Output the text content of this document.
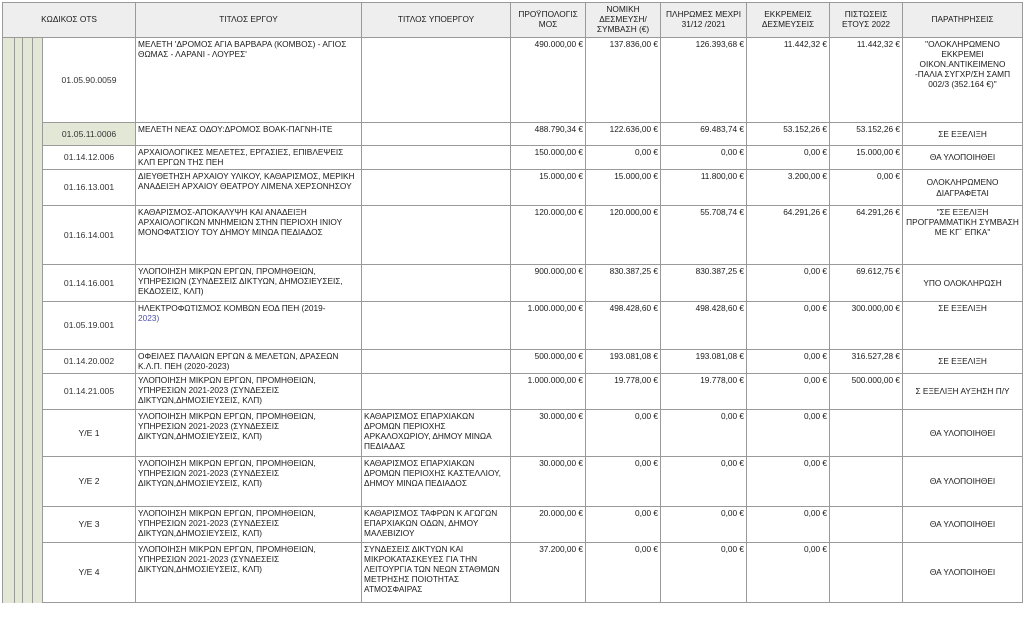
ΚΩΔΙΚΟΣ OTS					ΤΙΤΛΟΣ ΕΡΓΟΥ	ΤΙΤΛΟΣ ΥΠΟΕΡΓΟΥ	ΠΡΟΫΠΟΛΟΓΙΣ ΜΟΣ	ΝΟΜΙΚΗ ΔΕΣΜΕΥΣΗ/ ΣΥΜΒΑΣΗ (€)	ΠΛΗΡΩΜΕΣ ΜΕΧΡΙ 31/12 /2021	ΕΚΚΡΕΜΕΙΣ ΔΕΣΜΕΥΣΕΙΣ	ΠΙΣΤΩΣΕΙΣ ΕΤΟΥΣ 2022	ΠΑΡΑΤΗΡΗΣΕΙΣ
				01.05.90.0059	ΜΕΛΕΤΗ 'ΔΡΟΜΟΣ ΑΓΙΑ ΒΑΡΒΑΡΑ (ΚΟΜΒΟΣ) - ΑΓΙΟΣ ΘΩΜΑΣ - ΛΑΡΑΝΙ - ΛΟΥΡΕΣ'		490.000,00 €	137.836,00 €	126.393,68 €	11.442,32 €	11.442,32 €	"ΟΛΟΚΛΗΡΩΜΕΝΟ ΕΚΚΡΕΜΕΙ ΟΙΚΟΝ.ΑΝΤΙΚΕΙΜΕΝΟ -ΠΑΛΙΑ ΣΥΓΧΡ/ΣΗ ΣΑΜΠ 002/3 (352.164 €)"
				01.05.11.0006	ΜΕΛΕΤΗ ΝΕΑΣ ΟΔΟΥ:ΔΡΟΜΟΣ ΒΟΑΚ-ΠΑΓΝΗ-ΙΤΕ		488.790,34 €	122.636,00 €	69.483,74 €	53.152,26 €	53.152,26 €	ΣΕ ΕΞΕΛΙΞΗ
				01.14.12.006	ΑΡΧΑΙΟΛΟΓΙΚΕΣ ΜΕΛΕΤΕΣ, ΕΡΓΑΣΙΕΣ, ΕΠΙΒΛΕΨΕΙΣ ΚΛΠ ΕΡΓΩΝ ΤΗΣ ΠΕΗ		150.000,00 €	0,00 €	0,00 €	0,00 €	15.000,00 €	ΘΑ ΥΛΟΠΟΙΗΘΕΙ
				01.16.13.001	ΔΙΕΥΘΕΤΗΣΗ ΑΡΧΑΙΟΥ ΥΛΙΚΟΥ, ΚΑΘΑΡΙΣΜΟΣ, ΜΕΡΙΚΗ ΑΝΑΔΕΙΞΗ ΑΡΧΑΙΟΥ ΘΕΑΤΡΟΥ ΛΙΜΕΝΑ ΧΕΡΣΟΝΗΣΟΥ		15.000,00 €	15.000,00 €	11.800,00 €	3.200,00 €	0,00 €	ΟΛΟΚΛΗΡΩΜΕΝΟ ΔΙΑΓΡΑΦΕΤΑΙ
				01.16.14.001	ΚΑΘΑΡΙΣΜΟΣ-ΑΠΟΚΑΛΥΨΗ ΚΑΙ ΑΝΑΔΕΙΞΗ ΑΡΧΑΙΟΛΟΓΙΚΩΝ ΜΝΗΜΕΙΩΝ ΣΤΗΝ ΠΕΡΙΟΧΗ ΙΝΙΟΥ ΜΟΝΟΦΑΤΣΙΟΥ ΤΟΥ ΔΗΜΟΥ ΜΙΝΩΑ ΠΕΔΙΑΔΟΣ		120.000,00 €	120.000,00 €	55.708,74 €	64.291,26 €	64.291,26 €	"ΣΕ ΕΞΕΛΙΞΗ ΠΡΟΓΡΑΜΜΑΤΙΚΗ ΣΥΜΒΑΣΗ ΜΕ ΚΓ΄ ΕΠΚΑ"
				01.14.16.001	ΥΛΟΠΟΙΗΣΗ ΜΙΚΡΩΝ ΕΡΓΩΝ, ΠΡΟΜΗΘΕΙΩΝ, ΥΠΗΡΕΣΙΩΝ (ΣΥΝΔΕΣΕΙΣ ΔΙΚΤΥΩΝ, ΔΗΜΟΣΙΕΥΣΕΙΣ, ΕΚΔΟΣΕΙΣ, ΚΛΠ)		900.000,00 €	830.387,25 €	830.387,25 €	0,00 €	69.612,75 €	ΥΠΟ ΟΛΟΚΛΗΡΩΣΗ
				01.05.19.001	ΗΛΕΚΤΡΟΦΩΤΙΣΜΟΣ ΚΟΜΒΩΝ ΕΟΔ ΠΕΗ (2019-
2023)		1.000.000,00 €	498.428,60 €	498.428,60 €	0,00 €	300.000,00 €	ΣΕ ΕΞΕΛΙΞΗ
				01.14.20.002	ΟΦΕΙΛΕΣ ΠΑΛΑΙΩΝ ΕΡΓΩΝ & ΜΕΛΕΤΩΝ, ΔΡΑΣΕΩΝ Κ.Λ.Π. ΠΕΗ (2020-2023)		500.000,00 €	193.081,08 €	193.081,08 €	0,00 €	316.527,28 €	ΣΕ ΕΞΕΛΙΞΗ
				01.14.21.005	ΥΛΟΠΟΙΗΣΗ ΜΙΚΡΩΝ ΕΡΓΩΝ, ΠΡΟΜΗΘΕΙΩΝ, ΥΠΗΡΕΣΙΩΝ 2021-2023 (ΣΥΝΔΕΣΕΙΣ ΔΙΚΤΥΩΝ,ΔΗΜΟΣΙΕΥΣΕΙΣ, ΚΛΠ)		1.000.000,00 €	19.778,00 €	19.778,00 €	0,00 €	500.000,00 €	Σ ΕΞΕΛΙΞΗ ΑΥΞΗΣΗ Π/Υ
				Υ/Ε 1	ΥΛΟΠΟΙΗΣΗ ΜΙΚΡΩΝ ΕΡΓΩΝ, ΠΡΟΜΗΘΕΙΩΝ, ΥΠΗΡΕΣΙΩΝ 2021-2023 (ΣΥΝΔΕΣΕΙΣ ΔΙΚΤΥΩΝ,ΔΗΜΟΣΙΕΥΣΕΙΣ, ΚΛΠ)	ΚΑΘΑΡΙΣΜΟΣ ΕΠΑΡΧΙΑΚΩΝ ΔΡΟΜΩΝ ΠΕΡΙΟΧΗΣ ΑΡΚΑΛΟΧΩΡΙΟΥ, ΔΗΜΟΥ ΜΙΝΩΑ ΠΕΔΙΑΔΑΣ	30.000,00 €	0,00 €	0,00 €	0,00 €		ΘΑ ΥΛΟΠΟΙΗΘΕΙ
				Υ/Ε 2	ΥΛΟΠΟΙΗΣΗ ΜΙΚΡΩΝ ΕΡΓΩΝ, ΠΡΟΜΗΘΕΙΩΝ, ΥΠΗΡΕΣΙΩΝ 2021-2023 (ΣΥΝΔΕΣΕΙΣ ΔΙΚΤΥΩΝ,ΔΗΜΟΣΙΕΥΣΕΙΣ, ΚΛΠ)	ΚΑΘΑΡΙΣΜΟΣ ΕΠΑΡΧΙΑΚΩΝ ΔΡΟΜΩΝ ΠΕΡΙΟΧΗΣ ΚΑΣΤΕΛΛΙΟΥ, ΔΗΜΟΥ ΜΙΝΩΑ ΠΕΔΙΑΔΟΣ	30.000,00 €	0,00 €	0,00 €	0,00 €		ΘΑ ΥΛΟΠΟΙΗΘΕΙ
				Υ/Ε 3	ΥΛΟΠΟΙΗΣΗ ΜΙΚΡΩΝ ΕΡΓΩΝ, ΠΡΟΜΗΘΕΙΩΝ, ΥΠΗΡΕΣΙΩΝ 2021-2023 (ΣΥΝΔΕΣΕΙΣ ΔΙΚΤΥΩΝ,ΔΗΜΟΣΙΕΥΣΕΙΣ, ΚΛΠ)	ΚΑΘΑΡΙΣΜΟΣ ΤΑΦΡΩΝ Κ ΑΓΩΓΩΝ ΕΠΑΡΧΙΑΚΩΝ ΟΔΩΝ, ΔΗΜΟΥ ΜΑΛΕΒΙΖΙΟΥ	20.000,00 €	0,00 €	0,00 €	0,00 €		ΘΑ ΥΛΟΠΟΙΗΘΕΙ
				Υ/Ε 4	ΥΛΟΠΟΙΗΣΗ ΜΙΚΡΩΝ ΕΡΓΩΝ, ΠΡΟΜΗΘΕΙΩΝ, ΥΠΗΡΕΣΙΩΝ 2021-2023 (ΣΥΝΔΕΣΕΙΣ ΔΙΚΤΥΩΝ,ΔΗΜΟΣΙΕΥΣΕΙΣ, ΚΛΠ)	ΣΥΝΔΕΣΕΙΣ ΔΙΚΤΥΩΝ ΚΑΙ ΜΙΚΡΟΚΑΤΑΣΚΕΥΕΣ ΓΙΑ ΤΗΝ ΛΕΙΤΟΥΡΓΙΑ ΤΩΝ ΝΕΩΝ ΣΤΑΘΜΩΝ ΜΕΤΡΗΣΗΣ ΠΟΙΟΤΗΤΑΣ ΑΤΜΟΣΦΑΙΡΑΣ	37.200,00 €	0,00 €	0,00 €	0,00 €		ΘΑ ΥΛΟΠΟΙΗΘΕΙ
